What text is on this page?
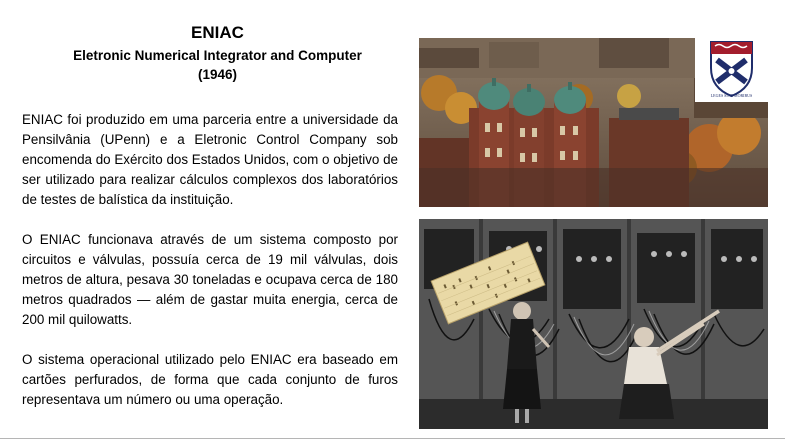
ENIAC
Eletronic Numerical Integrator and Computer
(1946)

ENIAC foi produzido em uma parceria entre a universidade da Pensilvânia (UPenn) e a Eletronic Control Company sob encomenda do Exército dos Estados Unidos, com o objetivo de ser utilizado para realizar cálculos complexos dos laboratórios de testes de balística da instituição.

O ENIAC funcionava através de um sistema composto por circuitos e válvulas, possuía cerca de 19 mil válvulas, dois metros de altura, pesava 30 toneladas e ocupava cerca de 180 metros quadrados — além de gastar muita energia, cerca de 200 mil quilowatts.

O sistema operacional utilizado pelo ENIAC era baseado em cartões perfurados, de forma que cada conjunto de furos representava um número ou uma operação.

LEGES SINE MORIBUS
